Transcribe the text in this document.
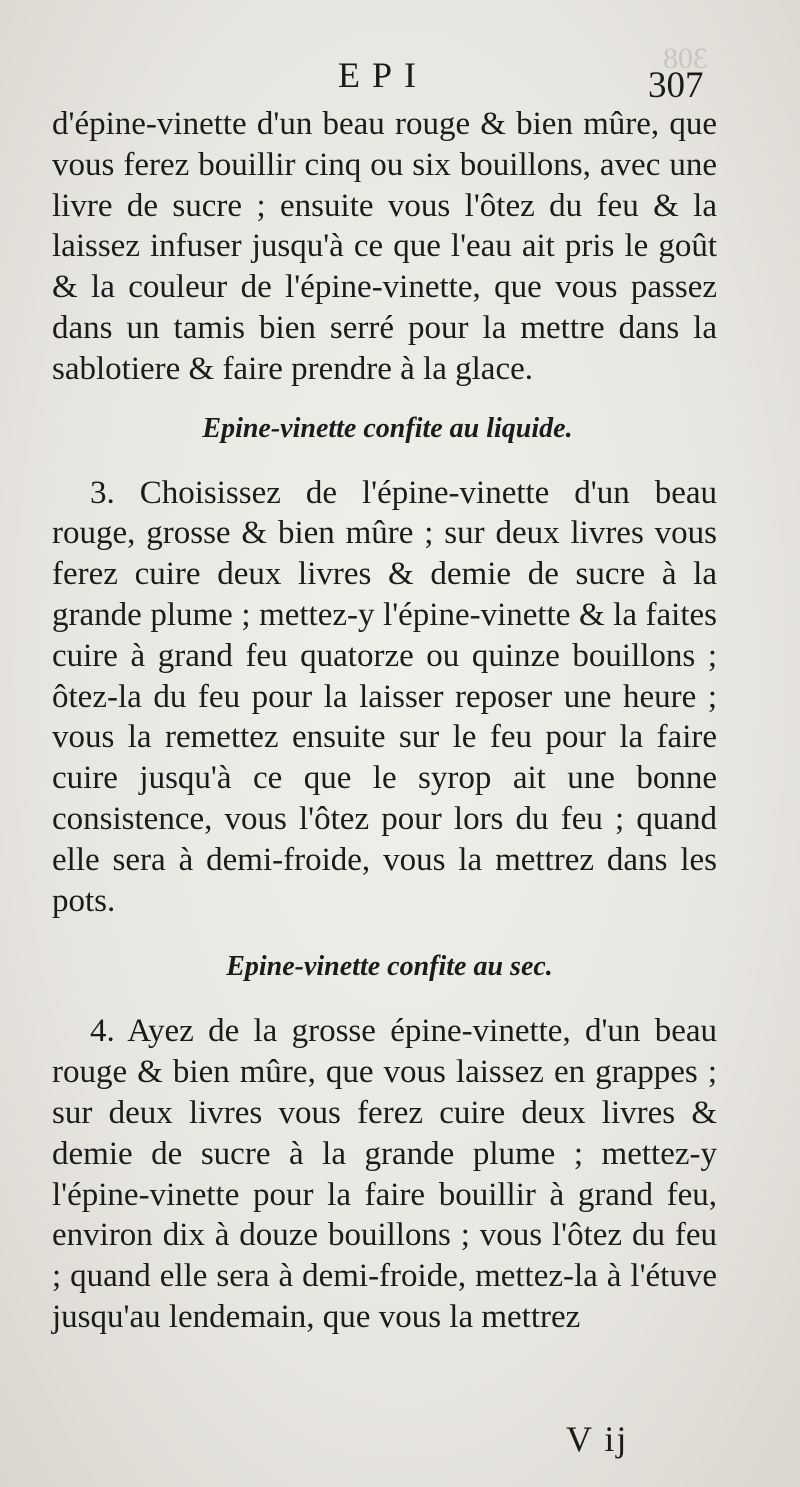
308
EPI	307

d'épine-vinette d'un beau rouge & bien mûre, que vous ferez bouillir cinq ou six bouillons, avec une livre de sucre ; ensuite vous l'ôtez du feu & la laissez infuser jusqu'à ce que l'eau ait pris le goût & la couleur de l'épine-vinette, que vous passez dans un tamis bien serré pour la mettre dans la sablotiere & faire prendre à la glace.

Epine-vinette confite au liquide.

3. Choisissez de l'épine-vinette d'un beau rouge, grosse & bien mûre ; sur deux livres vous ferez cuire deux livres & demie de sucre à la grande plume ; mettez-y l'épine-vinette & la faites cuire à grand feu quatorze ou quinze bouillons ; ôtez-la du feu pour la laisser reposer une heure ; vous la remettez ensuite sur le feu pour la faire cuire jusqu'à ce que le syrop ait une bonne consistence, vous l'ôtez pour lors du feu ; quand elle sera à demi-froide, vous la mettrez dans les pots.

Epine-vinette confite au sec.

4. Ayez de la grosse épine-vinette, d'un beau rouge & bien mûre, que vous laissez en grappes ; sur deux livres vous ferez cuire deux livres & demie de sucre à la grande plume ; mettez-y l'épine-vinette pour la faire bouillir à grand feu, environ dix à douze bouillons ; vous l'ôtez du feu ; quand elle sera à demi-froide, mettez-la à l'étuve jusqu'au lendemain, que vous la mettrez

V ij
